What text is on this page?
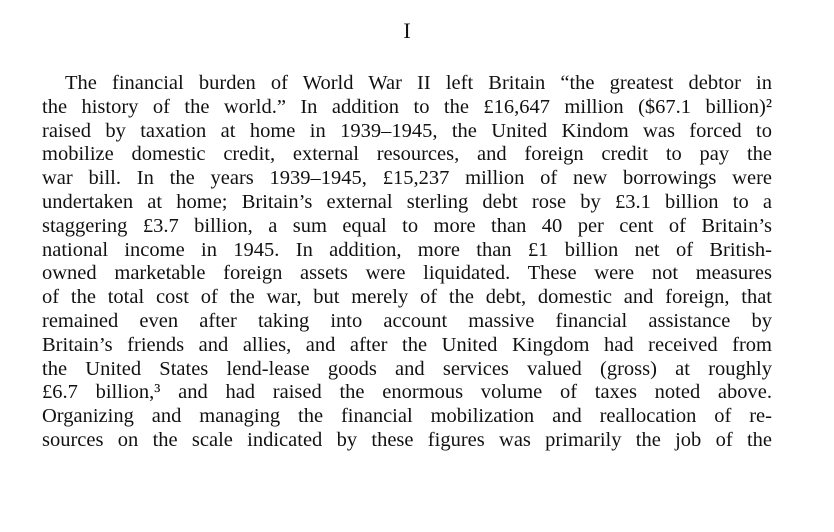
I
The financial burden of World War II left Britain “the greatest debtor in
the history of the world.” In addition to the £16,647 million ($67.1 billion)²
raised by taxation at home in 1939–1945, the United Kindom was forced to
mobilize domestic credit, external resources, and foreign credit to pay the
war bill. In the years 1939–1945, £15,237 million of new borrowings were
undertaken at home; Britain’s external sterling debt rose by £3.1 billion to a
staggering £3.7 billion, a sum equal to more than 40 per cent of Britain’s
national income in 1945. In addition, more than £1 billion net of British-
owned marketable foreign assets were liquidated. These were not measures
of the total cost of the war, but merely of the debt, domestic and foreign, that
remained even after taking into account massive financial assistance by
Britain’s friends and allies, and after the United Kingdom had received from
the United States lend-lease goods and services valued (gross) at roughly
£6.7 billion,³ and had raised the enormous volume of taxes noted above.
Organizing and managing the financial mobilization and reallocation of re-
sources on the scale indicated by these figures was primarily the job of the
